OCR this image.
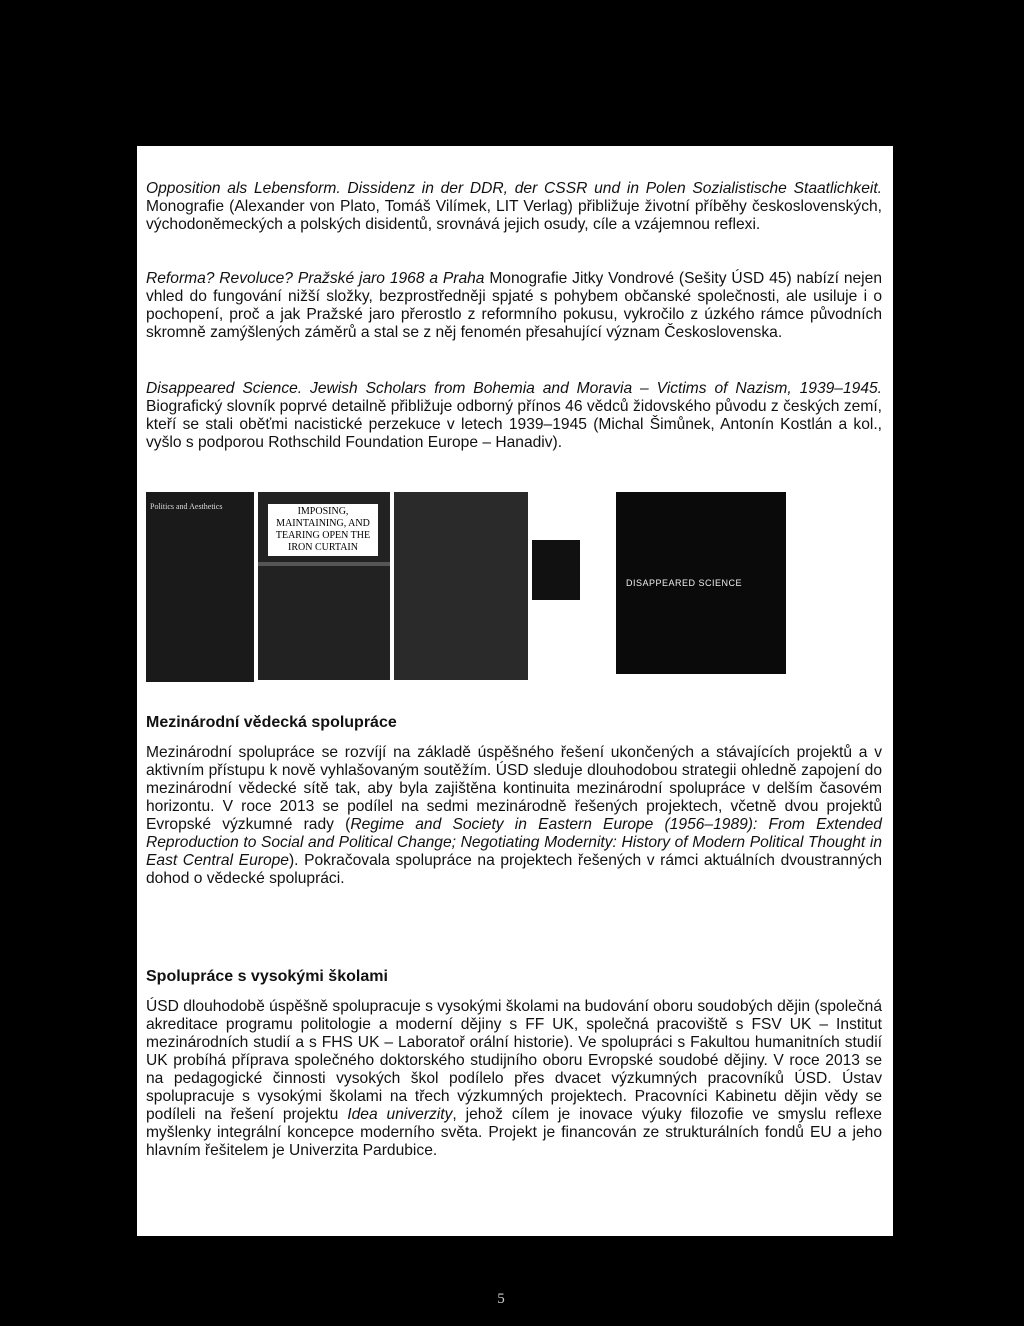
Opposition als Lebensform. Dissidenz in der DDR, der CSSR und in Polen Sozialistische Staatlichkeit. Monografie (Alexander von Plato, Tomáš Vilímek, LIT Verlag) přibližuje životní příběhy československých, východoněmeckých a polských disidentů, srovnává jejich osudy, cíle a vzájemnou reflexi.

Reforma? Revoluce? Pražské jaro 1968 a Praha Monografie Jitky Vondrové (Sešity ÚSD 45) nabízí nejen vhled do fungování nižší složky, bezprostředněji spjaté s pohybem občanské společnosti, ale usiluje i o pochopení, proč a jak Pražské jaro přerostlo z reformního pokusu, vykročilo z úzkého rámce původních skromně zamýšlených záměrů a stal se z něj fenomén přesahující význam Československa.

Disappeared Science. Jewish Scholars from Bohemia and Moravia – Victims of Nazism, 1939–1945. Biografický slovník poprvé detailně přibližuje odborný přínos 46 vědců židovského původu z českých zemí, kteří se stali oběťmi nacistické perzekuce v letech 1939–1945 (Michal Šimůnek, Antonín Kostlán a kol., vyšlo s podporou Rothschild Foundation Europe – Hanadiv).

Politics and Aesthetics	IMPOSING, MAINTAINING, AND TEARING OPEN THE IRON CURTAIN
DISAPPEARED SCIENCE
Mezinárodní vědecká spolupráce

Mezinárodní spolupráce se rozvíjí na základě úspěšného řešení ukončených a stávajících projektů a v aktivním přístupu k nově vyhlašovaným soutěžím. ÚSD sleduje dlouhodobou strategii ohledně zapojení do mezinárodní vědecké sítě tak, aby byla zajištěna kontinuita mezinárodní spolupráce v delším časovém horizontu. V roce 2013 se podílel na sedmi mezinárodně řešených projektech, včetně dvou projektů Evropské výzkumné rady (Regime and Society in Eastern Europe (1956–1989): From Extended Reproduction to Social and Political Change; Negotiating Modernity: History of Modern Political Thought in East Central Europe). Pokračovala spolupráce na projektech řešených v rámci aktuálních dvoustranných dohod o vědecké spolupráci.

Spolupráce s vysokými školami

ÚSD dlouhodobě úspěšně spolupracuje s vysokými školami na budování oboru soudobých dějin (společná akreditace programu politologie a moderní dějiny s FF UK, společná pracoviště s FSV UK – Institut mezinárodních studií a s FHS UK – Laboratoř orální historie). Ve spolupráci s Fakultou humanitních studií UK probíhá příprava společného doktorského studijního oboru Evropské soudobé dějiny. V roce 2013 se na pedagogické činnosti vysokých škol podílelo přes dvacet výzkumných pracovníků ÚSD. Ústav spolupracuje s vysokými školami na třech výzkumných projektech. Pracovníci Kabinetu dějin vědy se podíleli na řešení projektu Idea univerzity, jehož cílem je inovace výuky filozofie ve smyslu reflexe myšlenky integrální koncepce moderního světa. Projekt je financován ze strukturálních fondů EU a jeho hlavním řešitelem je Univerzita Pardubice.

5
